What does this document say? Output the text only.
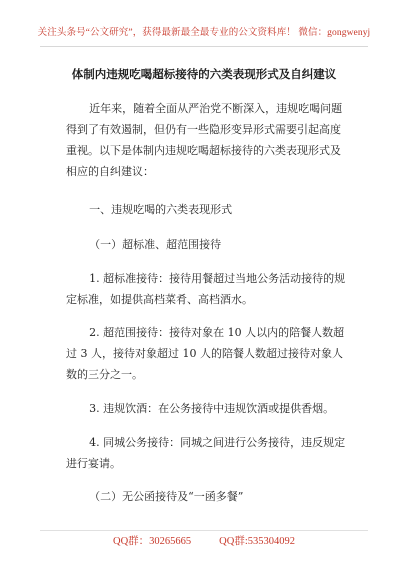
关注头条号“公文研究”，获得最新最全最专业的公文资料库！ 微信：gongwenyj
体制内违规吃喝超标接待的六类表现形式及自纠建议

近年来，随着全面从严治党不断深入，违规吃喝问题得到了有效遏制，但仍有一些隐形变异形式需要引起高度重视。以下是体制内违规吃喝超标接待的六类表现形式及相应的自纠建议：

一、违规吃喝的六类表现形式

（一）超标准、超范围接待

1. 超标准接待：接待用餐超过当地公务活动接待的规定标准，如提供高档菜肴、高档酒水。

2. 超范围接待：接待对象在 10 人以内的陪餐人数超过 3 人，接待对象超过 10 人的陪餐人数超过接待对象人数的三分之一。

3. 违规饮酒：在公务接待中违规饮酒或提供香烟。

4. 同城公务接待：同城之间进行公务接待，违反规定进行宴请。

（二）无公函接待及“一函多餐”

QQ群：30265665	QQ群:535304092
